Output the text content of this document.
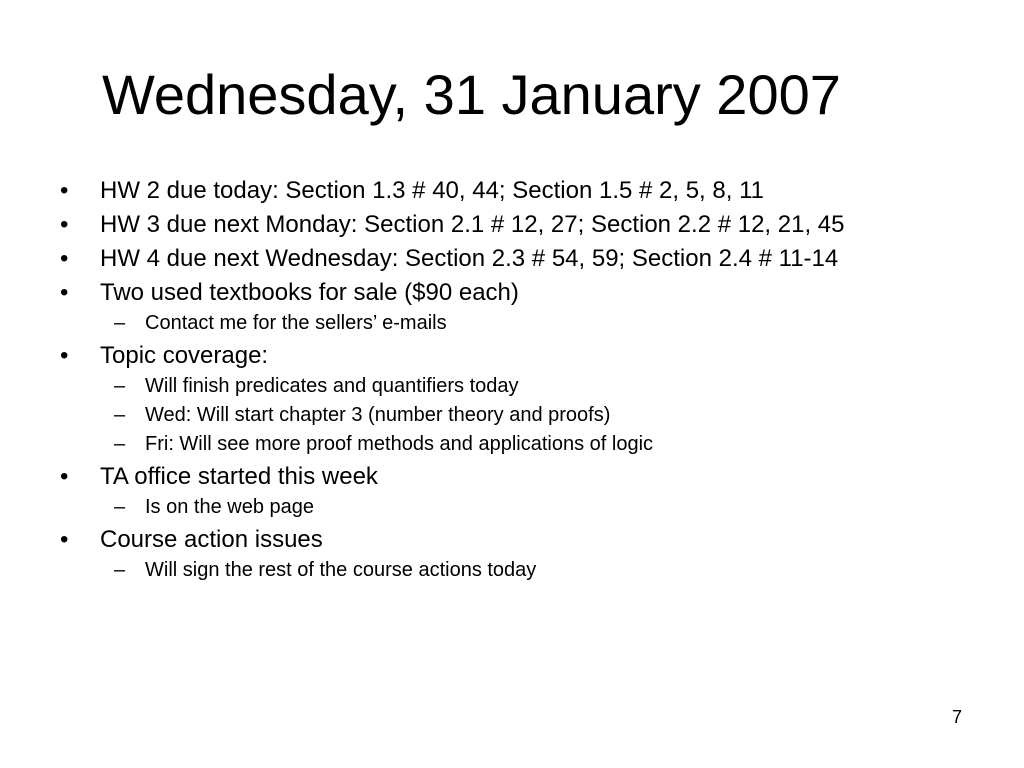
Wednesday, 31 January 2007
•	HW 2 due today: Section 1.3 # 40, 44; Section 1.5 # 2, 5, 8, 11
•	HW 3 due next Monday: Section 2.1 # 12, 27; Section 2.2 # 12, 21, 45
•	HW 4 due next Wednesday: Section 2.3 # 54, 59; Section 2.4 # 11-14
•	Two used textbooks for sale ($90 each)
– Contact me for the sellers’ e-mails
•	Topic coverage:
– Will finish predicates and quantifiers today
– Wed: Will start chapter 3 (number theory and proofs)
– Fri: Will see more proof methods and applications of logic
•	TA office started this week
– Is on the web page
•	Course action issues
– Will sign the rest of the course actions today
7
